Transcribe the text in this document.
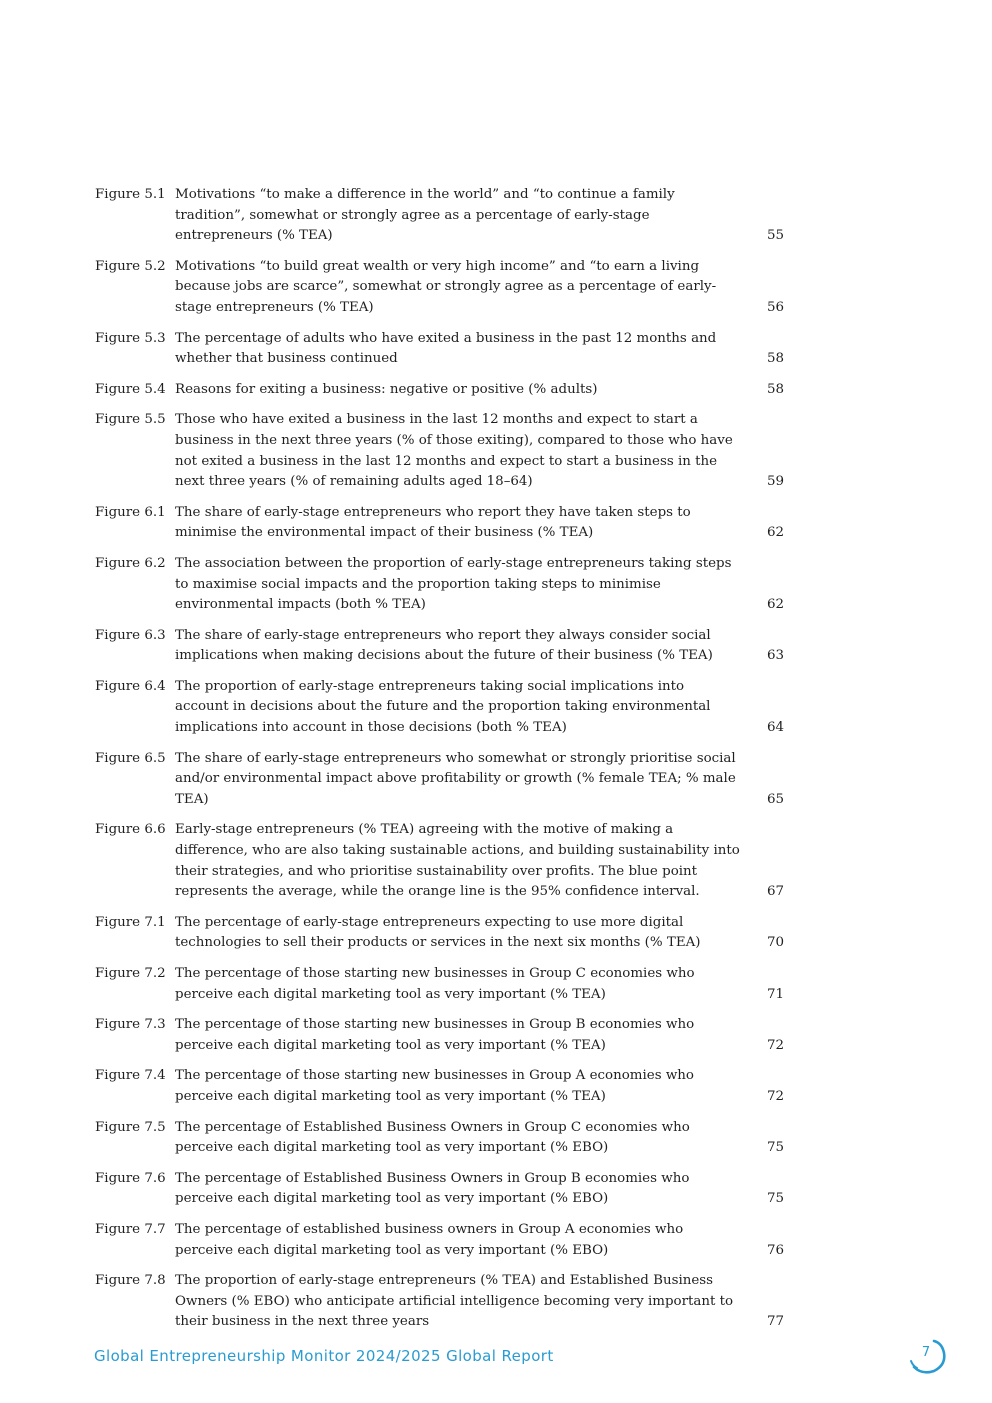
Figure 5.1 Motivations “to make a difference in the world” and “to continue a family tradition”, somewhat or strongly agree as a percentage of early-stage entrepreneurs (% TEA)	55
Figure 5.2 Motivations “to build great wealth or very high income” and “to earn a living because jobs are scarce”, somewhat or strongly agree as a percentage of early-stage entrepreneurs (% TEA)	56
Figure 5.3 The percentage of adults who have exited a business in the past 12 months and whether that business continued	58
Figure 5.4 Reasons for exiting a business: negative or positive (% adults)	58
Figure 5.5 Those who have exited a business in the last 12 months and expect to start a business in the next three years (% of those exiting), compared to those who have not exited a business in the last 12 months and expect to start a business in the next three years (% of remaining adults aged 18–64)	59
Figure 6.1 The share of early-stage entrepreneurs who report they have taken steps to minimise the environmental impact of their business (% TEA)	62
Figure 6.2 The association between the proportion of early-stage entrepreneurs taking steps to maximise social impacts and the proportion taking steps to minimise environmental impacts (both % TEA)	62
Figure 6.3 The share of early-stage entrepreneurs who report they always consider social implications when making decisions about the future of their business (% TEA)	63
Figure 6.4 The proportion of early-stage entrepreneurs taking social implications into account in decisions about the future and the proportion taking environmental implications into account in those decisions (both % TEA)	64
Figure 6.5 The share of early-stage entrepreneurs who somewhat or strongly prioritise social and/or environmental impact above profitability or growth (% female TEA; % male TEA)	65
Figure 6.6 Early-stage entrepreneurs (% TEA) agreeing with the motive of making a difference, who are also taking sustainable actions, and building sustainability into their strategies, and who prioritise sustainability over profits. The blue point represents the average, while the orange line is the 95% confidence interval.	67
Figure 7.1 The percentage of early-stage entrepreneurs expecting to use more digital technologies to sell their products or services in the next six months (% TEA)	70
Figure 7.2 The percentage of those starting new businesses in Group C economies who perceive each digital marketing tool as very important (% TEA)	71
Figure 7.3 The percentage of those starting new businesses in Group B economies who perceive each digital marketing tool as very important (% TEA)	72
Figure 7.4 The percentage of those starting new businesses in Group A economies who perceive each digital marketing tool as very important (% TEA)	72
Figure 7.5 The percentage of Established Business Owners in Group C economies who perceive each digital marketing tool as very important (% EBO)	75
Figure 7.6 The percentage of Established Business Owners in Group B economies who perceive each digital marketing tool as very important (% EBO)	75
Figure 7.7 The percentage of established business owners in Group A economies who perceive each digital marketing tool as very important (% EBO)	76
Figure 7.8 The proportion of early-stage entrepreneurs (% TEA) and Established Business Owners (% EBO) who anticipate artificial intelligence becoming very important to their business in the next three years	77
Global Entrepreneurship Monitor 2024/2025 Global Report	7
